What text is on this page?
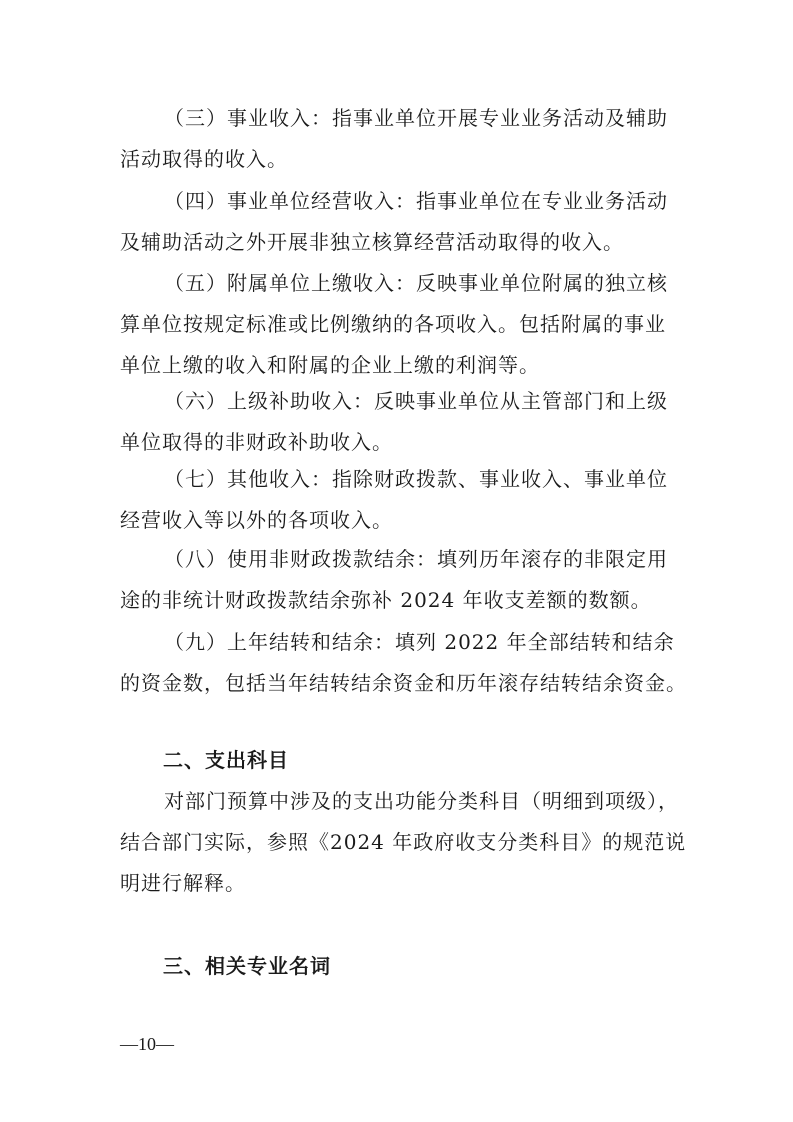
（三）事业收入：指事业单位开展专业业务活动及辅助
活动取得的收入。

（四）事业单位经营收入：指事业单位在专业业务活动
及辅助活动之外开展非独立核算经营活动取得的收入。

（五）附属单位上缴收入：反映事业单位附属的独立核
算单位按规定标准或比例缴纳的各项收入。包括附属的事业
单位上缴的收入和附属的企业上缴的利润等。

（六）上级补助收入：反映事业单位从主管部门和上级
单位取得的非财政补助收入。

（七）其他收入：指除财政拨款、事业收入、事业单位
经营收入等以外的各项收入。

（八）使用非财政拨款结余：填列历年滚存的非限定用
途的非统计财政拨款结余弥补 2024 年收支差额的数额。

（九）上年结转和结余：填列 2022 年全部结转和结余
的资金数，包括当年结转结余资金和历年滚存结转结余资金。

二、支出科目

对部门预算中涉及的支出功能分类科目（明细到项级），
结合部门实际，参照《2024 年政府收支分类科目》的规范说
明进行解释。

三、相关专业名词
—10—
